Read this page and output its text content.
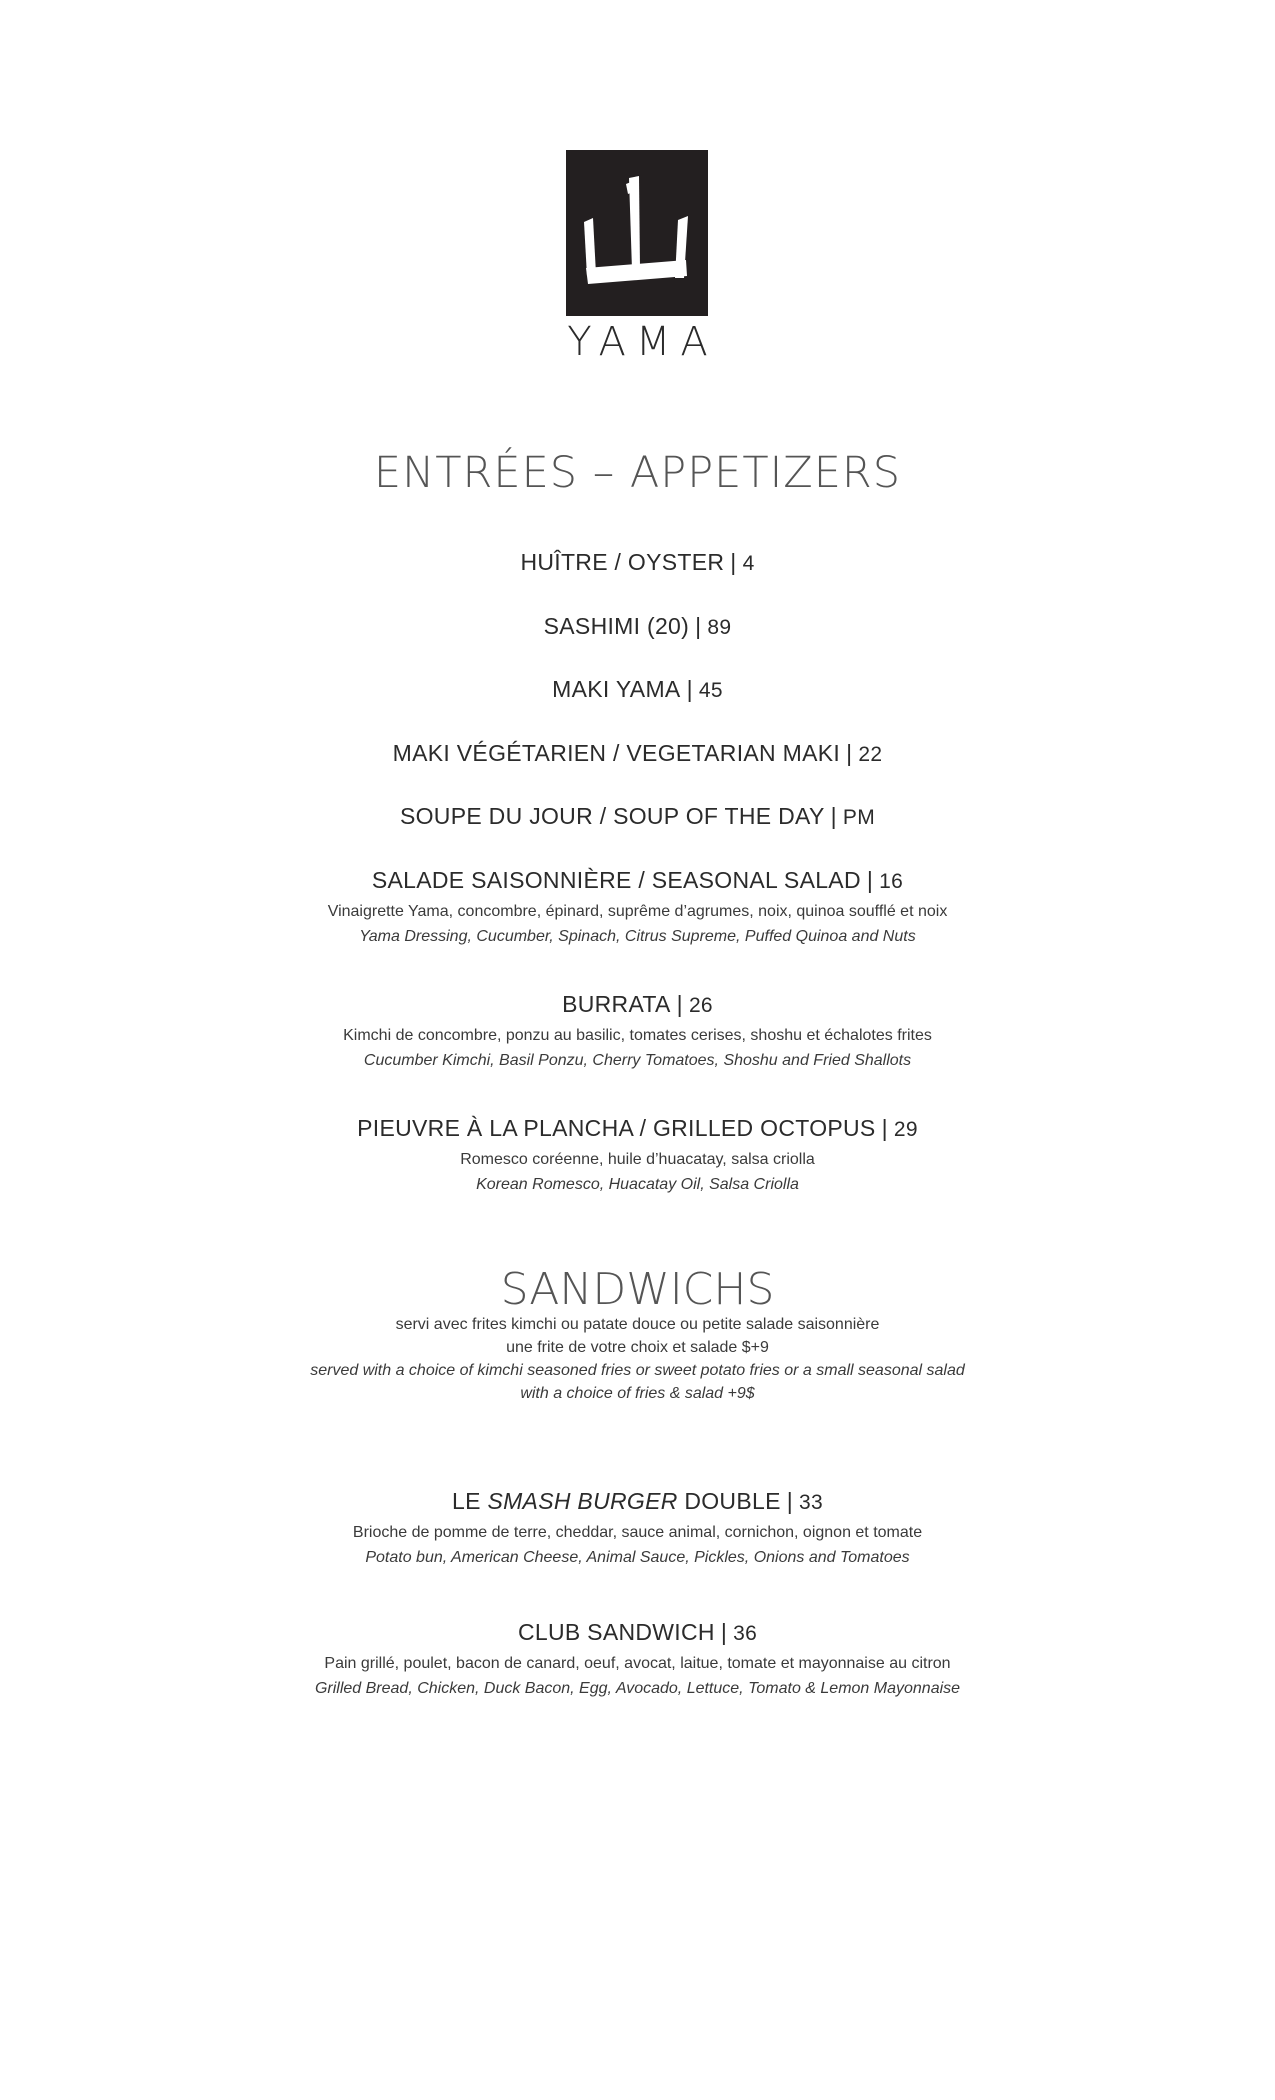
YAMA
ENTRÉES – APPETIZERS
HUÎTRE / OYSTER | 4
SASHIMI (20) | 89
MAKI YAMA | 45
MAKI VÉGÉTARIEN / VEGETARIAN MAKI | 22
SOUPE DU JOUR / SOUP OF THE DAY | PM
SALADE SAISONNIÈRE / SEASONAL SALAD | 16
Vinaigrette Yama, concombre, épinard, suprême d’agrumes, noix, quinoa soufflé et noix
Yama Dressing, Cucumber, Spinach, Citrus Supreme, Puffed Quinoa and Nuts
BURRATA | 26
Kimchi de concombre, ponzu au basilic, tomates cerises, shoshu et échalotes frites
Cucumber Kimchi, Basil Ponzu, Cherry Tomatoes, Shoshu and Fried Shallots
PIEUVRE À LA PLANCHA / GRILLED OCTOPUS | 29
Romesco coréenne, huile d’huacatay, salsa criolla
Korean Romesco, Huacatay Oil, Salsa Criolla
SANDWICHS
servi avec frites kimchi ou patate douce ou petite salade saisonnière
une frite de votre choix et salade $+9
served with a choice of kimchi seasoned fries or sweet potato fries or a small seasonal salad
with a choice of fries & salad +9$
LE SMASH BURGER DOUBLE | 33
Brioche de pomme de terre, cheddar, sauce animal, cornichon, oignon et tomate
Potato bun, American Cheese, Animal Sauce, Pickles, Onions and Tomatoes
CLUB SANDWICH | 36
Pain grillé, poulet, bacon de canard, oeuf, avocat, laitue, tomate et mayonnaise au citron
Grilled Bread, Chicken, Duck Bacon, Egg, Avocado, Lettuce, Tomato & Lemon Mayonnaise
